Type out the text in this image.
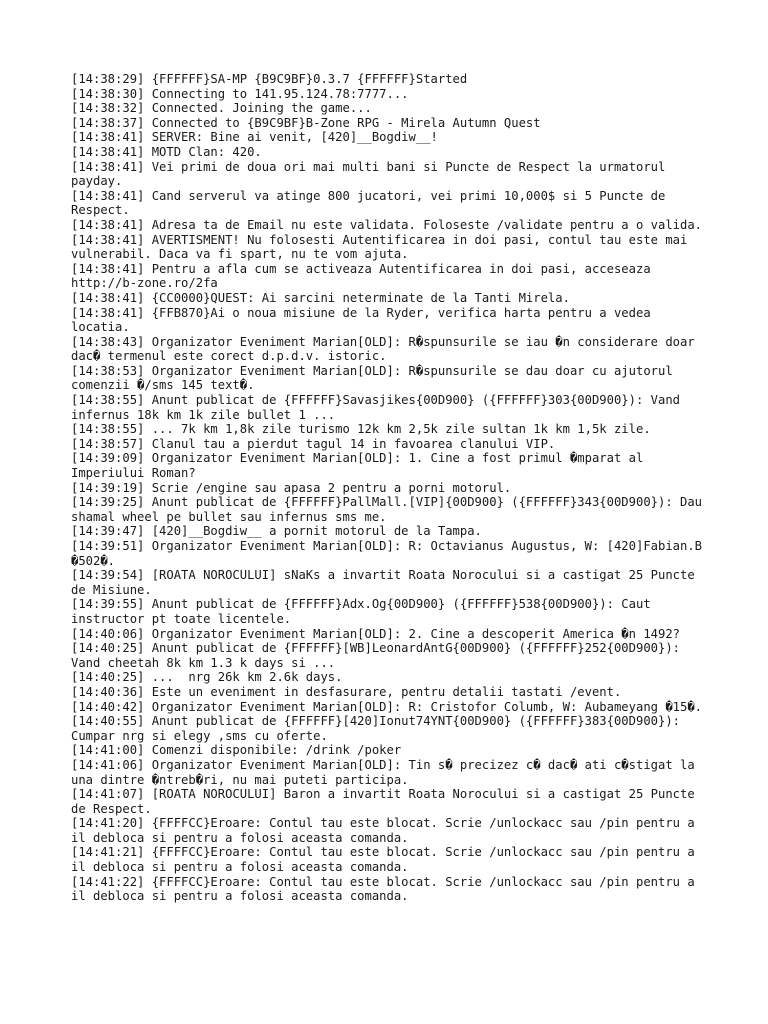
[14:38:29] {FFFFFF}SA-MP {B9C9BF}0.3.7 {FFFFFF}Started
[14:38:30] Connecting to 141.95.124.78:7777...
[14:38:32] Connected. Joining the game...
[14:38:37] Connected to {B9C9BF}B-Zone RPG - Mirela Autumn Quest
[14:38:41] SERVER: Bine ai venit, [420]__Bogdiw__!
[14:38:41] MOTD Clan: 420.
[14:38:41] Vei primi de doua ori mai multi bani si Puncte de Respect la urmatorul payday.
[14:38:41] Cand serverul va atinge 800 jucatori, vei primi 10,000$ si 5 Puncte de Respect.
[14:38:41] Adresa ta de Email nu este validata. Foloseste /validate pentru a o valida.
[14:38:41] AVERTISMENT! Nu folosesti Autentificarea in doi pasi, contul tau este mai vulnerabil. Daca va fi spart, nu te vom ajuta.
[14:38:41] Pentru a afla cum se activeaza Autentificarea in doi pasi, acceseaza http://b-zone.ro/2fa
[14:38:41] {CC0000}QUEST: Ai sarcini neterminate de la Tanti Mirela.
[14:38:41] {FFB870}Ai o noua misiune de la Ryder, verifica harta pentru a vedea locatia.
[14:38:43] Organizator Eveniment Marian[OLD]: R�spunsurile se iau �n considerare doar dac� termenul este corect d.p.d.v. istoric.
[14:38:53] Organizator Eveniment Marian[OLD]: R�spunsurile se dau doar cu ajutorul comenzii �/sms 145 text�.
[14:38:55] Anunt publicat de {FFFFFF}Savasjikes{00D900} ({FFFFFF}303{00D900}): Vand infernus 18k km 1k zile bullet 1 ...
[14:38:55] ... 7k km 1,8k zile turismo 12k km 2,5k zile sultan 1k km 1,5k zile.
[14:38:57] Clanul tau a pierdut tagul 14 in favoarea clanului VIP.
[14:39:09] Organizator Eveniment Marian[OLD]: 1. Cine a fost primul �mparat al Imperiului Roman?
[14:39:19] Scrie /engine sau apasa 2 pentru a porni motorul.
[14:39:25] Anunt publicat de {FFFFFF}PallMall.[VIP]{00D900} ({FFFFFF}343{00D900}): Dau shamal wheel pe bullet sau infernus sms me.
[14:39:47] [420]__Bogdiw__ a pornit motorul de la Tampa.
[14:39:51] Organizator Eveniment Marian[OLD]: R: Octavianus Augustus, W: [420]Fabian.B �502�.
[14:39:54] [ROATA NOROCULUI] sNaKs a invartit Roata Norocului si a castigat 25 Puncte de Misiune.
[14:39:55] Anunt publicat de {FFFFFF}Adx.Og{00D900} ({FFFFFF}538{00D900}): Caut instructor pt toate licentele.
[14:40:06] Organizator Eveniment Marian[OLD]: 2. Cine a descoperit America �n 1492?
[14:40:25] Anunt publicat de {FFFFFF}[WB]LeonardAntG{00D900} ({FFFFFF}252{00D900}): Vand cheetah 8k km 1.3 k days si ...
[14:40:25] ...  nrg 26k km 2.6k days.
[14:40:36] Este un eveniment in desfasurare, pentru detalii tastati /event.
[14:40:42] Organizator Eveniment Marian[OLD]: R: Cristofor Columb, W: Aubameyang �15�.
[14:40:55] Anunt publicat de {FFFFFF}[420]Ionut74YNT{00D900} ({FFFFFF}383{00D900}): Cumpar nrg si elegy ,sms cu oferte.
[14:41:00] Comenzi disponibile: /drink /poker
[14:41:06] Organizator Eveniment Marian[OLD]: Tin s� precizez c� dac� ati c�stigat la una dintre �ntreb�ri, nu mai puteti participa.
[14:41:07] [ROATA NOROCULUI] Baron a invartit Roata Norocului si a castigat 25 Puncte de Respect.
[14:41:20] {FFFFCC}Eroare: Contul tau este blocat. Scrie /unlockacc sau /pin pentru a il debloca si pentru a folosi aceasta comanda.
[14:41:21] {FFFFCC}Eroare: Contul tau este blocat. Scrie /unlockacc sau /pin pentru a il debloca si pentru a folosi aceasta comanda.
[14:41:22] {FFFFCC}Eroare: Contul tau este blocat. Scrie /unlockacc sau /pin pentru a il debloca si pentru a folosi aceasta comanda.
